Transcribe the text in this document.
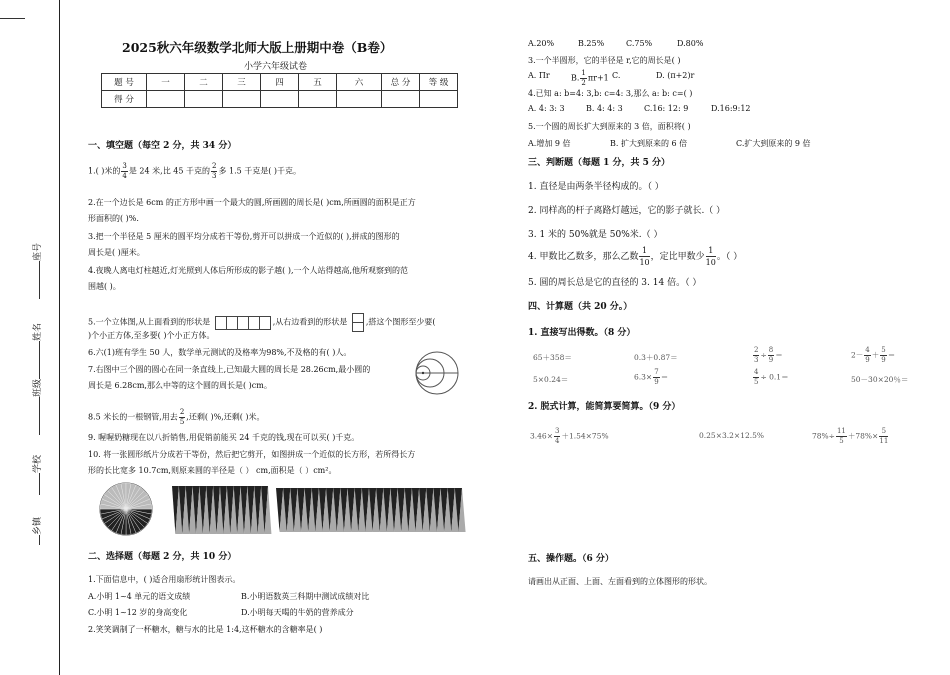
座号
姓名
班级
学校
乡镇
2025秋六年级数学北师大版上册期中卷（B卷）
小学六年级试卷
题 号	一	二	三	四	五	六	总 分	等 级
得 分								
一、填空题（每空 2 分，共 34 分）
1.( )米的 $\frac{3}{4}$ 是 24 米,比 45 千克的 $\frac{2}{3}$ 多 1.5 千克是( )千克。
2.在一个边长是 6cm 的正方形中画一个最大的圆,所画圆的周长是( )cm,所画圆的面积是正方
形面积的( )%.
3.把一个半径是 5 厘米的圆平均分成若干等份,剪开可以拼成一个近似的( ),拼成的图形的
周长是( )厘米。
4.夜晚人离电灯柱越近,灯光照到人体后所形成的影子越( ),一个人站得越高,他所观察到的范
围越( )。
5.一个立体图,从上面看到的形状是	,从右边看到的形状是 ,搭这个图形至少要(
)个小正方体,至多要( )个小正方体。
6.六(1)班有学生 50 人，数学单元测试的及格率为98%,不及格的有( )人。
7.右图中三个圆的圆心在同一条直线上,已知最大圆的周长是 28.26cm,最小圆的
周长是 6.28cm,那么中等的这个圆的周长是( )cm。
8.5 米长的一根钢管,用去 $\frac{2}{5}$ ,还剩( )%,还剩( )米。
9. 喔喔奶糖现在以八折销售,用促销前能买 24 千克的钱,现在可以买( )千克。
10. 将一张圆形纸片分成若干等份，然后把它剪开，如图拼成一个近似的长方形，若所得长方
形的长比宽多 10.7cm,则原来圆的半径是（ ） cm,面积是（ ）cm²。
二、选择题（每题 2 分，共 10 分）
1.下面信息中，( )适合用扇形统计图表示。
A.小明 1~4 单元的语文成绩	B.小明语数英三科期中测试成绩对比
C.小明 1~12 岁的身高变化	D.小明每天喝的牛奶的营养成分
2.笑笑调制了一杯糖水，糖与水的比是 1:4,这杯糖水的含糖率是( )
A.20%	B.25%	C.75%	D.80%
3.一个半圆形，它的半径是 r,它的周长是( )
A. Πr	B. $\frac{1}{2} \pi r+1$ C.	D. (π+2)r
4.已知 a: b=4: 3,b: c=4: 3,那么 a: b: c=( )
A. 4: 3: 3	B. 4: 4: 3	C.16: 12: 9	D.16:9:12
5.一个圆的周长扩大到原来的 3 倍，面积将( )
A.增加 9 倍	B. 扩大到原来的 6 倍	C.扩大到原来的 9 倍
三、判断题（每题 1 分，共 5 分）
1. 直径是由两条半径构成的。（ ）
2. 同样高的杆子离路灯越远，它的影子就长.（ ）
3. 1 米的 50%就是 50%米.（ ）
4. 甲数比乙数多，那么乙数 $\frac{1}{10}$ ，定比甲数少 $\frac{1}{10}$ 。（ ）
5. 圆的周长总是它的直径的 3. 14 倍。（ ）
四、计算题（共 20 分。）
1. 直接写出得数。（8 分）
65＋358＝	0.3＋0.87＝	$\frac{2}{3} \div \frac{8}{9}$ ＝	$2- \frac{4}{9} + \frac{5}{9}$ ＝
5×0.24＝	$6.3\times \frac{7}{9}$ ＝	$\frac{4}{5} \div 0.1=$	50－30×20％＝
2. 脱式计算，能简算要简算。（9 分）
$3.46\times \frac{3}{4} +1.54\times 75\%$	0.25×3.2×12.5%	$78\%\div \frac{11}{5} +78\%\times \frac{5}{11}$
五、操作题。（6 分）
请画出从正面、上面、左面看到的立体图形的形状。
